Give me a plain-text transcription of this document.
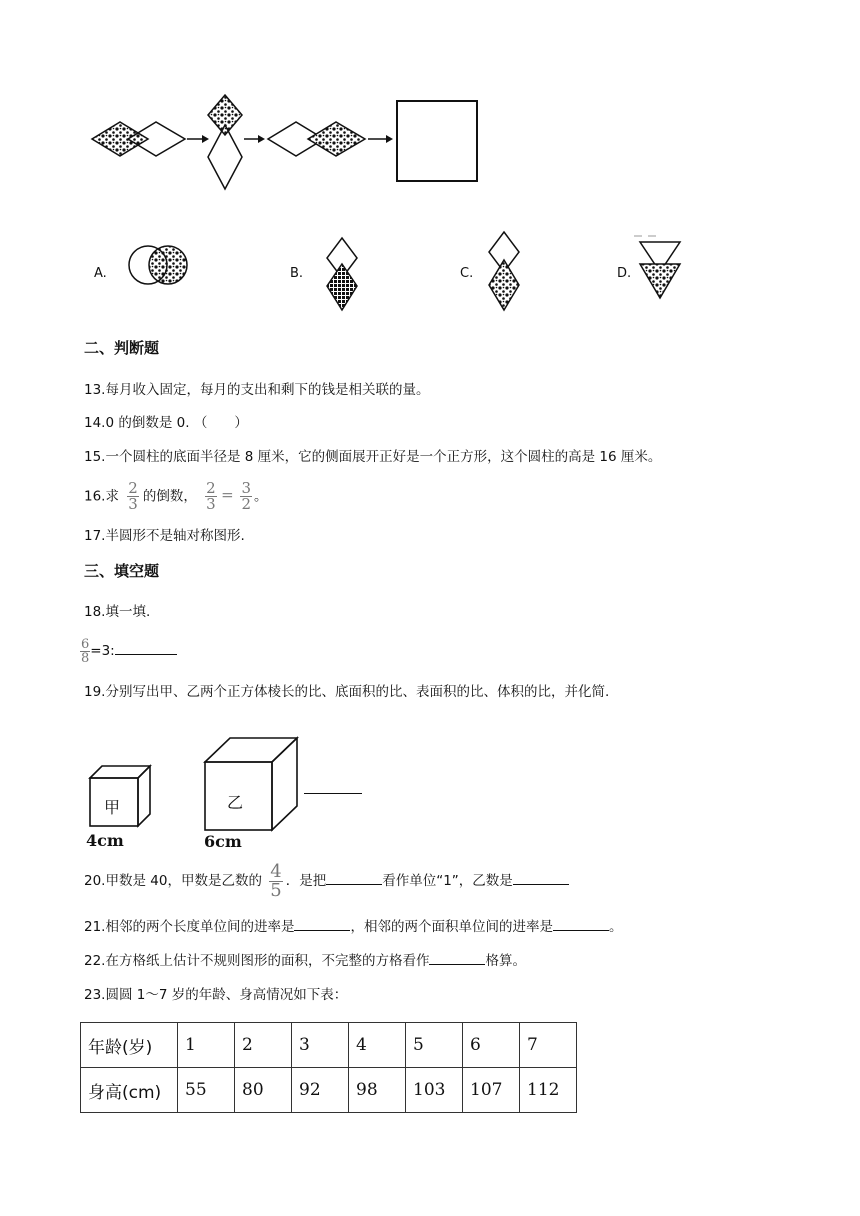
A.	B.	C.	D.
二、判断题
13.每月收入固定，每月的支出和剩下的钱是相关联的量。
14.0 的倒数是 0. （　　）
15.一个圆柱的底面半径是 8 厘米，它的侧面展开正好是一个正方形，这个圆柱的高是 16 厘米。
16.求 $\frac{2}{3}$ 的倒数， $\frac{2}{3} = \frac{3}{2}$ 。
17.半圆形不是轴对称图形.
三、填空题
18.填一填.
$\frac{6}{8} =3$:
19.分别写出甲、乙两个正方体棱长的比、底面积的比、表面积的比、体积的比，并化简.
甲
4cm
乙
6cm
20.甲数是 40，甲数是乙数的 $\frac{4}{5}$ ．是把	看作单位“1”，乙数是
21.相邻的两个长度单位间的进率是	，相邻的两个面积单位间的进率是	。
22.在方格纸上估计不规则图形的面积，不完整的方格看作	格算。
23.圆圆 1～7 岁的年龄、身高情况如下表：
年龄(岁)	1	2	3	4	5	6	7
身高(cm)	55	80	92	98	103	107	112
